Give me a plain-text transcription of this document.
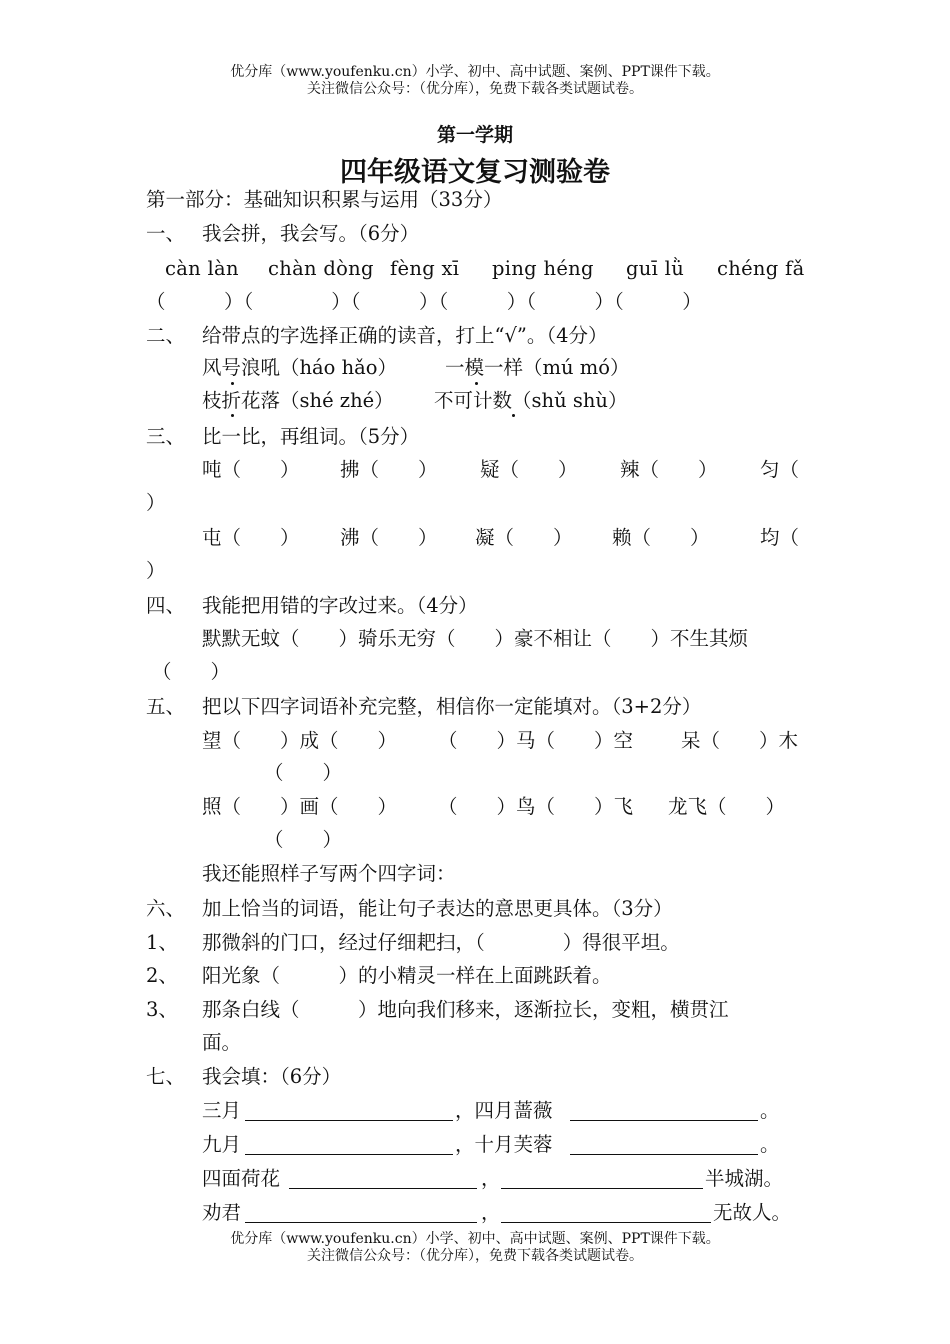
优分库（www.youfenku.cn）小学、初中、高中试题、案例、PPT课件下载。
关注微信公众号：（优分库），免费下载各类试题试卷。
第一学期
四年级语文复习测验卷
第一部分：基础知识积累与运用（33分）
一、 我会拼，我会写。（6分）
càn làn chàn dòng fèng xī ping héng guī lǜ chéng fǎ
（　　　）（　　　　）（　　　）（　　　）（　　　）（　　　）
二、 给带点的字选择正确的读音，打上“√”。（4分）
风号浪吼（háo hǎo） 一模一样（mú mó）
枝折花落（shé zhé） 不可计数（shǔ shù）
三、 比一比，再组词。（5分）
吨（　　） 拂（　　） 疑（　　） 辣（　　） 匀（
）
屯（　　） 沸（　　） 凝（　　） 赖（　　）	均（
）
四、 我能把用错的字改过来。（4分）
默默无蚊（　　）骑乐无穷（　　）豪不相让（　　）不生其烦
（　　）
五、 把以下四字词语补充完整，相信你一定能填对。（3+2分）
望（　　）成（　　） （　　）马（　　）空 呆（　　）木
（　　）
照（　　）画（　　） （　　）鸟（　　）飞 龙飞（　　）
（　　）
我还能照样子写两个四字词：
六、 加上恰当的词语，能让句子表达的意思更具体。（3分）
1、 那微斜的门口，经过仔细耙扫，（　　　　）得很平坦。
2、 阳光象（　　　）的小精灵一样在上面跳跃着。
3、 那条白线（　　　）地向我们移来，逐渐拉长，变粗，横贯江
面。
七、 我会填：（6分）
三月	，四月蔷薇	。
九月	，十月芙蓉	。
四面荷花	，	半城湖。
劝君	，	无故人。
优分库（www.youfenku.cn）小学、初中、高中试题、案例、PPT课件下载。
关注微信公众号：（优分库），免费下载各类试题试卷。
